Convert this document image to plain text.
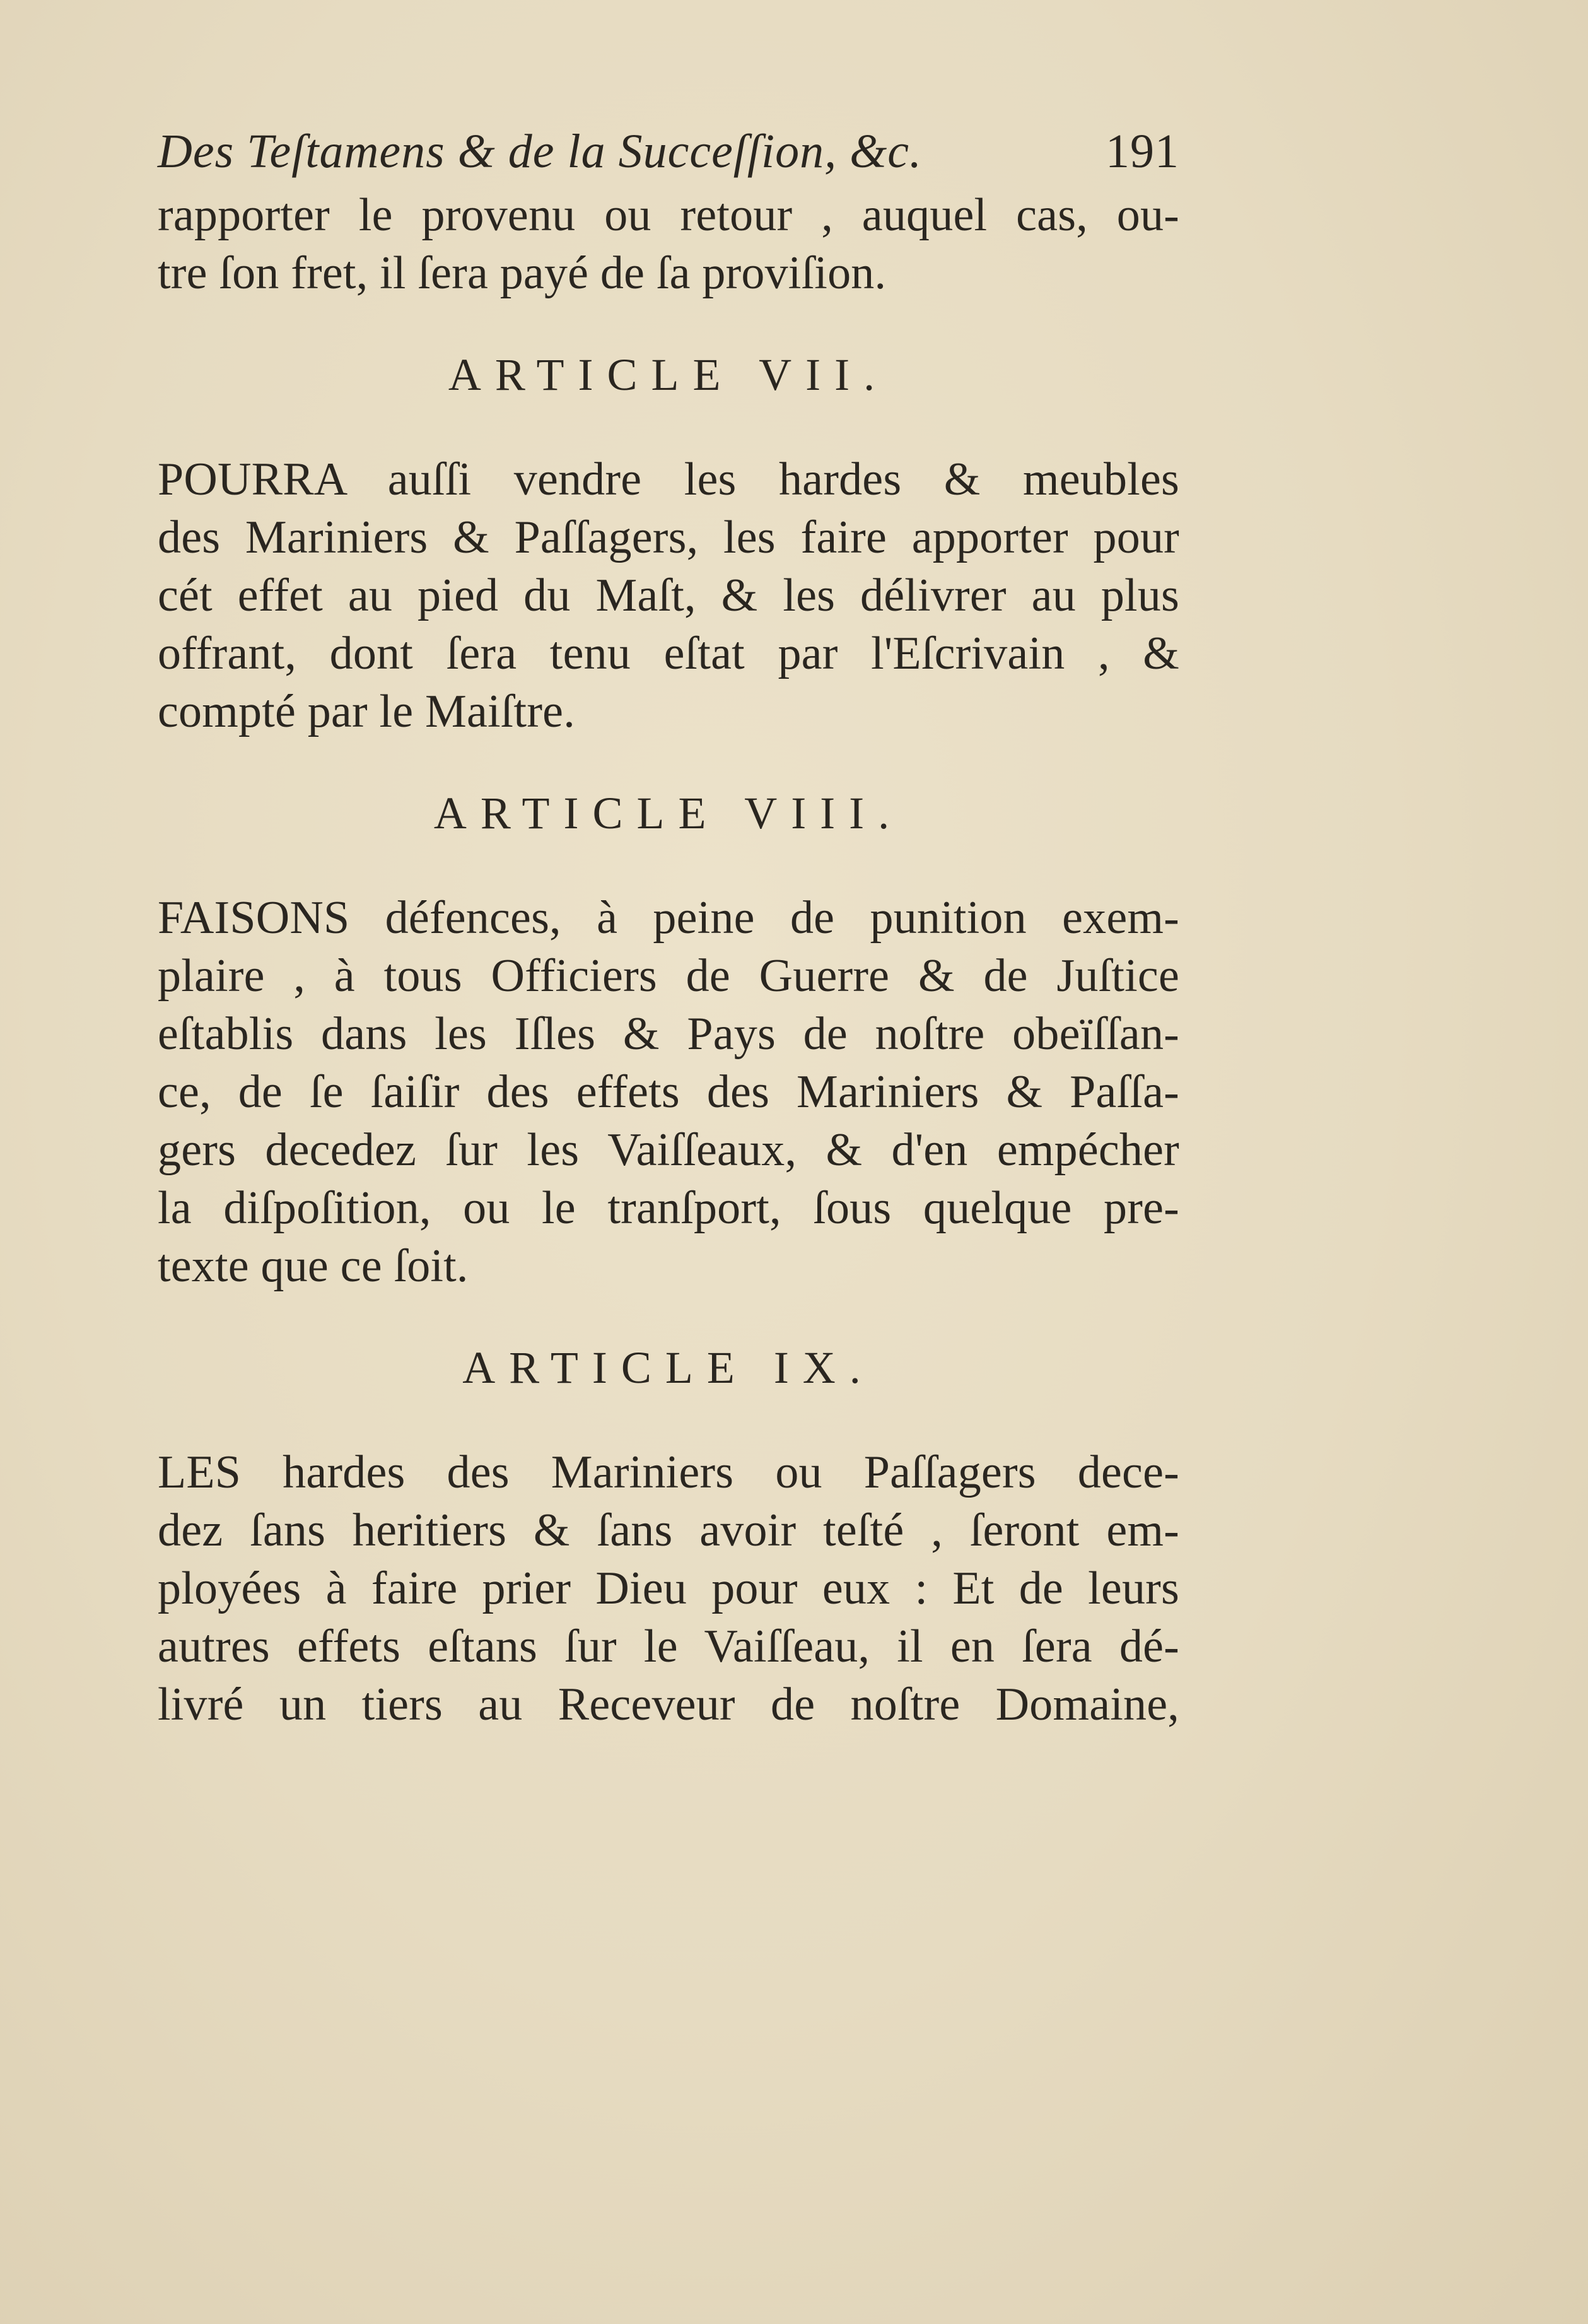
Des Teſtamens & de la Succeſſion, &c.	191
rapporter le provenu ou retour , auquel cas, ou-
tre ſon fret, il ſera payé de ſa proviſion.
ARTICLE VII.
POURRA auſſi vendre les hardes & meubles
des Mariniers & Paſſagers, les faire apporter pour
cét effet au pied du Maſt, & les délivrer au plus
offrant, dont ſera tenu eſtat par l'Eſcrivain , &
compté par le Maiſtre.
ARTICLE VIII.
FAISONS défences, à peine de punition exem-
plaire , à tous Officiers de Guerre & de Juſtice
eſtablis dans les Iſles & Pays de noſtre obeïſſan-
ce, de ſe ſaiſir des effets des Mariniers & Paſſa-
gers decedez ſur les Vaiſſeaux, & d'en empécher
la diſpoſition, ou le tranſport, ſous quelque pre-
texte que ce ſoit.
ARTICLE IX.
LES hardes des Mariniers ou Paſſagers dece-
dez ſans heritiers & ſans avoir teſté , ſeront em-
ployées à faire prier Dieu pour eux : Et de leurs
autres effets eſtans ſur le Vaiſſeau, il en ſera dé-
livré un tiers au Receveur de noſtre Domaine,
